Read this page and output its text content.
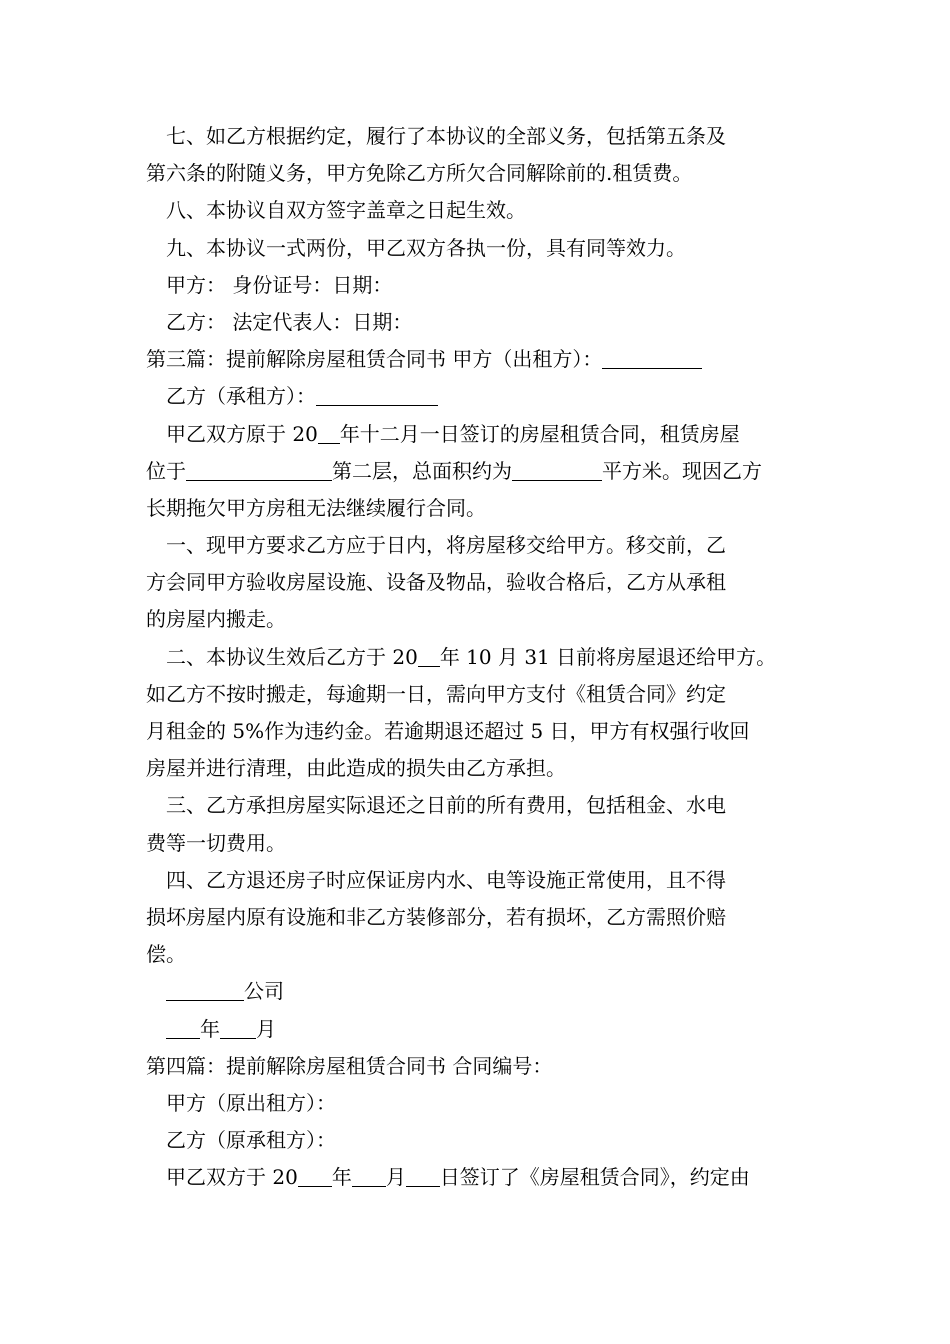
七、如乙方根据约定，履行了本协议的全部义务，包括第五条及
第六条的附随义务，甲方免除乙方所欠合同解除前的.租赁费。
八、本协议自双方签字盖章之日起生效。
九、本协议一式两份，甲乙双方各执一份，具有同等效力。
甲方： 身份证号：日期：
乙方： 法定代表人：日期：
第三篇：提前解除房屋租赁合同书 甲方（出租方）：
乙方（承租方）：
甲乙双方原于 20 年十二月一日签订的房屋租赁合同，租赁房屋
位于	第二层，总面积约为	平方米。现因乙方
长期拖欠甲方房租无法继续履行合同。
一、现甲方要求乙方应于日内，将房屋移交给甲方。移交前，乙
方会同甲方验收房屋设施、设备及物品，验收合格后，乙方从承租
的房屋内搬走。
二、本协议生效后乙方于 20 年 10 月 31 日前将房屋退还给甲方。
如乙方不按时搬走，每逾期一日，需向甲方支付《租赁合同》约定
月租金的 5%作为违约金。若逾期退还超过 5 日，甲方有权强行收回
房屋并进行清理，由此造成的损失由乙方承担。
三、乙方承担房屋实际退还之日前的所有费用，包括租金、水电
费等一切费用。
四、乙方退还房子时应保证房内水、电等设施正常使用，且不得
损坏房屋内原有设施和非乙方装修部分，若有损坏，乙方需照价赔
偿。
公司
年 月
第四篇：提前解除房屋租赁合同书 合同编号：
甲方（原出租方）：
乙方（原承租方）：
甲乙双方于 20 年 月 日签订了《房屋租赁合同》，约定由
